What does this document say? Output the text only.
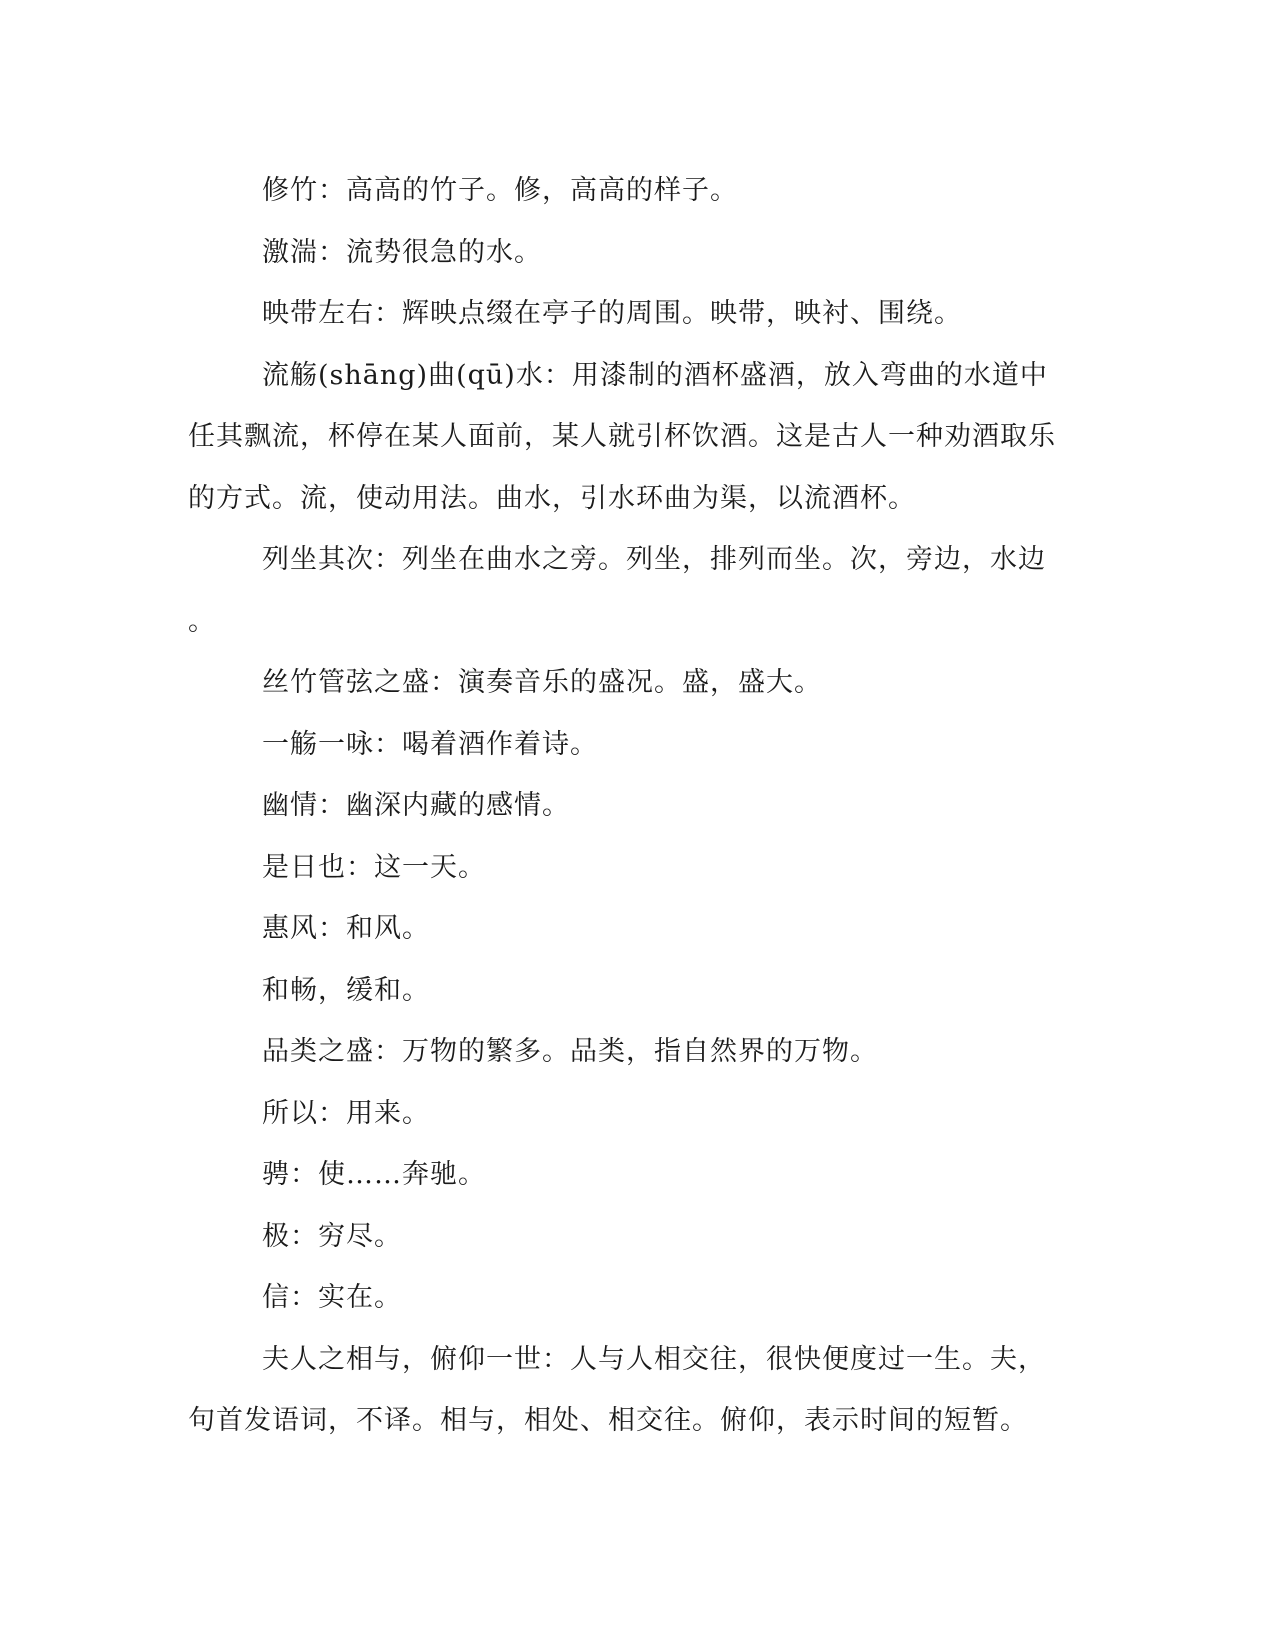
修竹：高高的竹子。修，高高的样子。

激湍：流势很急的水。

映带左右：辉映点缀在亭子的周围。映带，映衬、围绕。

流觞(shāng)曲(qū)水：用漆制的酒杯盛酒，放入弯曲的水道中任其飘流，杯停在某人面前，某人就引杯饮酒。这是古人一种劝酒取乐的方式。流，使动用法。曲水，引水环曲为渠，以流酒杯。

列坐其次：列坐在曲水之旁。列坐，排列而坐。次，旁边，水边。

丝竹管弦之盛：演奏音乐的盛况。盛，盛大。

一觞一咏：喝着酒作着诗。

幽情：幽深内藏的感情。

是日也：这一天。

惠风：和风。

和畅，缓和。

品类之盛：万物的繁多。品类，指自然界的万物。

所以：用来。

骋：使……奔驰。

极：穷尽。

信：实在。

夫人之相与，俯仰一世：人与人相交往，很快便度过一生。夫，句首发语词，不译。相与，相处、相交往。俯仰，表示时间的短暂。
